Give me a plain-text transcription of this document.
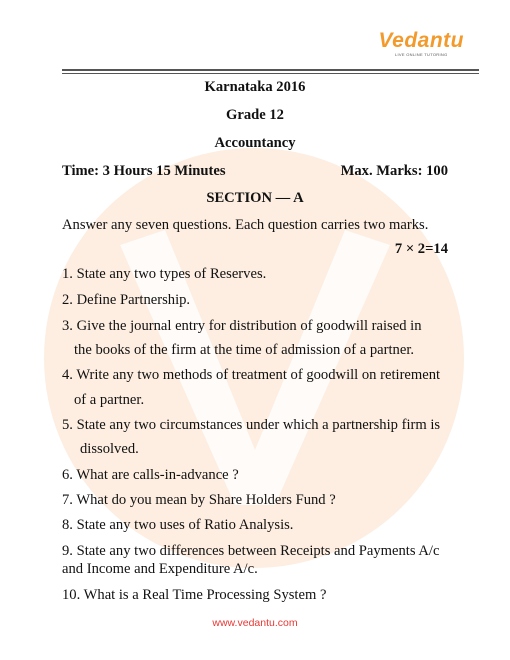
Vedantu
LIVE ONLINE TUTORING
Karnataka 2016
Grade 12
Accountancy
Time: 3 Hours 15 Minutes	Max. Marks: 100
SECTION — A
Answer any seven questions. Each question carries two marks.
7 × 2=14
1. State any two types of Reserves.
2. Define Partnership.
3. Give the journal entry for distribution of goodwill raised in
the books of the firm at the time of admission of a partner.
4. Write any two methods of treatment of goodwill on retirement
of a partner.
5. State any two circumstances under which a partnership firm is
dissolved.
6. What are calls-in-advance ?
7. What do you mean by Share Holders Fund ?
8. State any two uses of Ratio Analysis.
9. State any two differences between Receipts and Payments A/c
and Income and Expenditure A/c.
10. What is a Real Time Processing System ?
www.vedantu.com
